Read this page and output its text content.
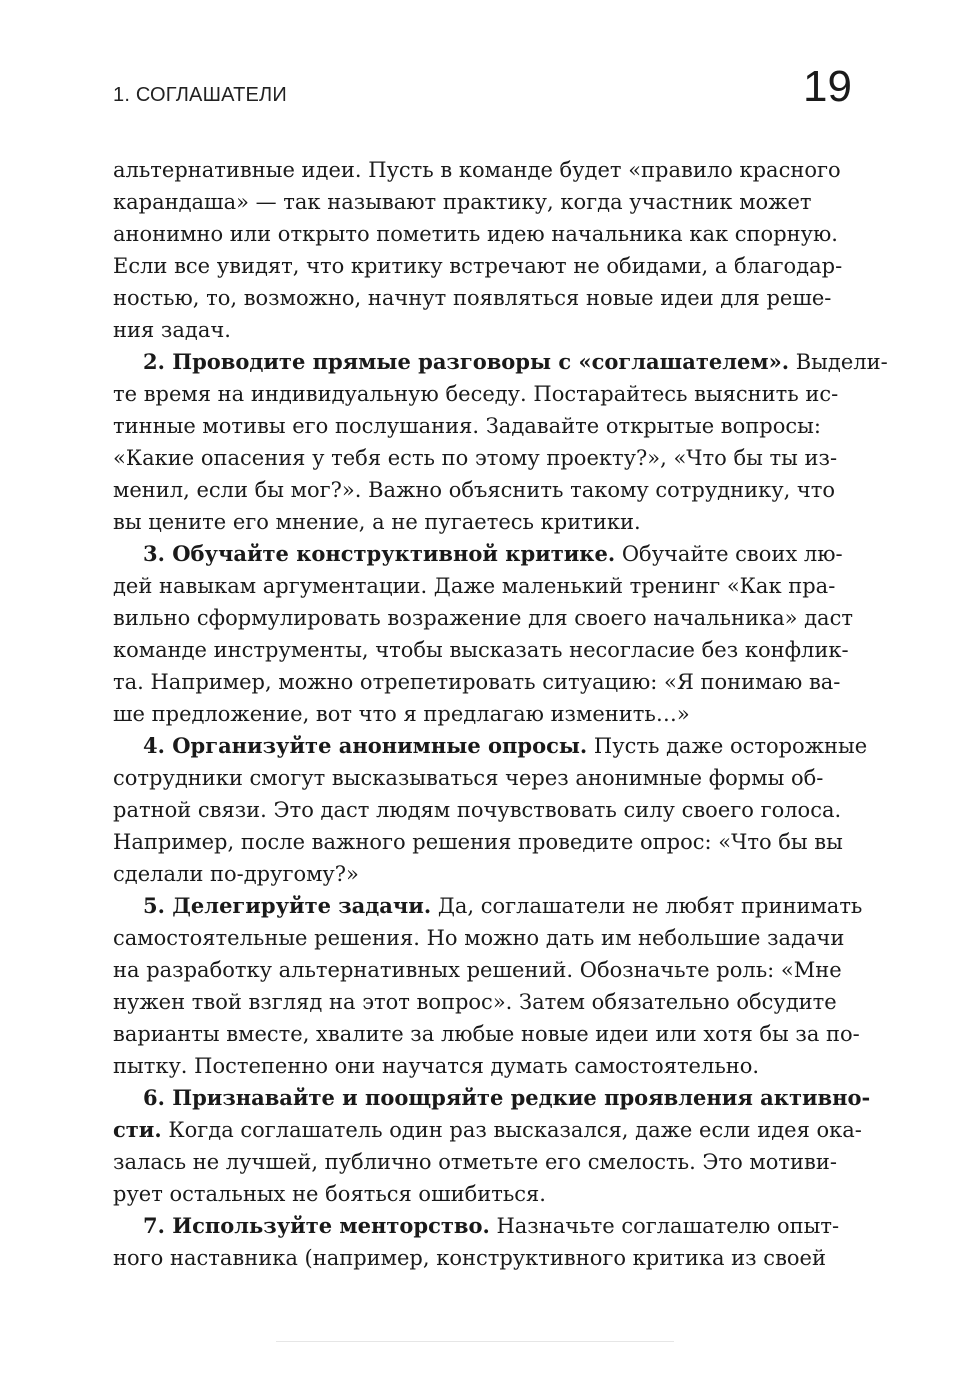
1. СОГЛАШАТЕЛИ	19
альтернативные идеи. Пусть в команде будет «правило красного
карандаша» — так называют практику, когда участник может
анонимно или открыто пометить идею начальника как спорную.
Если все увидят, что критику встречают не обидами, а благодар-
ностью, то, возможно, начнут появляться новые идеи для реше-
ния задач.
2. Проводите прямые разговоры с «соглашателем». Выдели-
те время на индивидуальную беседу. Постарайтесь выяснить ис-
тинные мотивы его послушания. Задавайте открытые вопросы:
«Какие опасения у тебя есть по этому проекту?», «Что бы ты из-
менил, если бы мог?». Важно объяснить такому сотруднику, что
вы цените его мнение, а не пугаетесь критики.
3. Обучайте конструктивной критике. Обучайте своих лю-
дей навыкам аргументации. Даже маленький тренинг «Как пра-
вильно сформулировать возражение для своего начальника» даст
команде инструменты, чтобы высказать несогласие без конфлик-
та. Например, можно отрепетировать ситуацию: «Я понимаю ва-
ше предложение, вот что я предлагаю изменить…»
4. Организуйте анонимные опросы. Пусть даже осторожные
сотрудники смогут высказываться через анонимные формы об-
ратной связи. Это даст людям почувствовать силу своего голоса.
Например, после важного решения проведите опрос: «Что бы вы
сделали по-другому?»
5. Делегируйте задачи. Да, соглашатели не любят принимать
самостоятельные решения. Но можно дать им небольшие задачи
на разработку альтернативных решений. Обозначьте роль: «Мне
нужен твой взгляд на этот вопрос». Затем обязательно обсудите
варианты вместе, хвалите за любые новые идеи или хотя бы за по-
пытку. Постепенно они научатся думать самостоятельно.
6. Признавайте и поощряйте редкие проявления активно-
сти. Когда соглашатель один раз высказался, даже если идея ока-
залась не лучшей, публично отметьте его смелость. Это мотиви-
рует остальных не бояться ошибиться.
7. Используйте менторство. Назначьте соглашателю опыт-
ного наставника (например, конструктивного критика из своей
